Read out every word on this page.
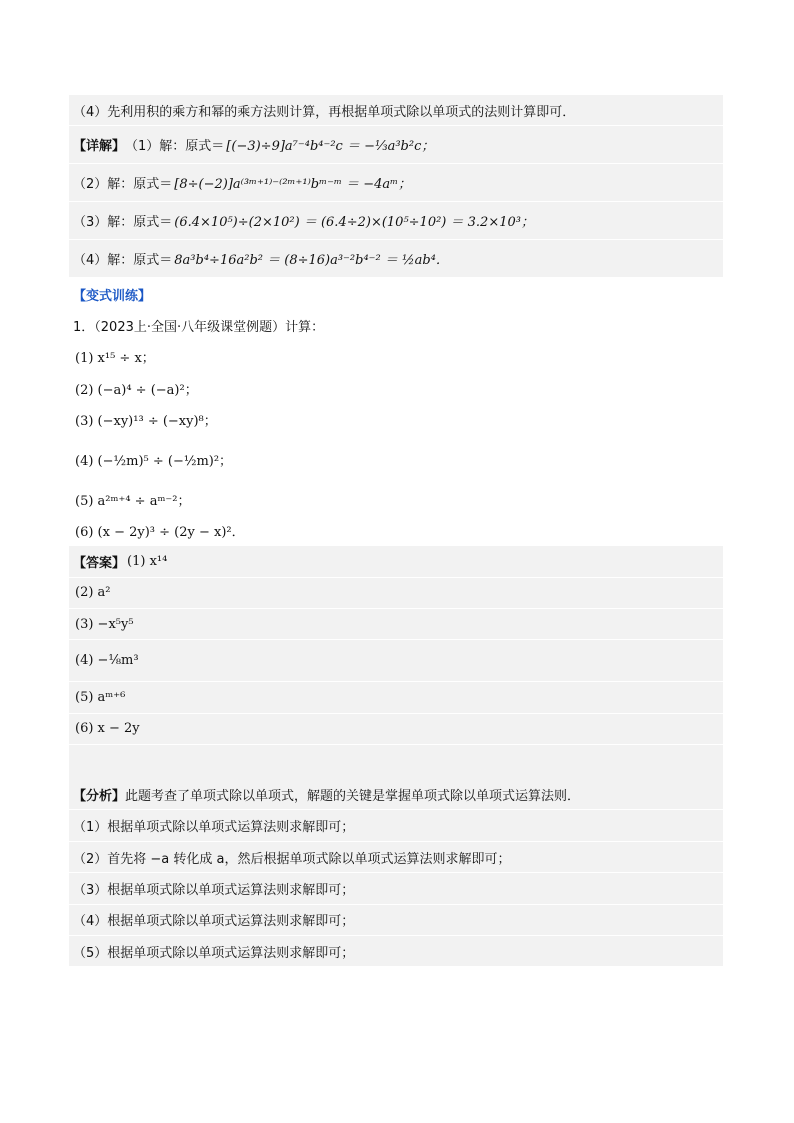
（4）先利用积的乘方和幂的乘方法则计算，再根据单项式除以单项式的法则计算即可．
【详解】 （1）解：原式＝ [(−3)÷9]a⁷⁻⁴b⁴⁻²c ＝ −⅓a³b²c；
（2）解：原式＝ [8÷(−2)]a⁽³ᵐ⁺¹⁾⁻⁽²ᵐ⁺¹⁾bᵐ⁻ᵐ ＝ −4aᵐ；
（3）解：原式＝ (6.4×10⁵)÷(2×10²) ＝ (6.4÷2)×(10⁵÷10²) ＝ 3.2×10³；
（4）解：原式＝ 8a³b⁴÷16a²b² ＝ (8÷16)a³⁻²b⁴⁻² ＝ ½ab⁴．
【变式训练】
1．（2023上·全国·八年级课堂例题）计算：
(1) x¹⁵ ÷ x；
(2) (−a)⁴ ÷ (−a)²；
(3) (−xy)¹³ ÷ (−xy)⁸；
(4) (−½m)⁵ ÷ (−½m)²；
(5) a²ᵐ⁺⁴ ÷ aᵐ⁻²；
(6) (x − 2y)³ ÷ (2y − x)²．
【答案】 (1) x¹⁴
(2) a²
(3) −x⁵y⁵
(4) −⅛m³
(5) aᵐ⁺⁶
(6) x − 2y
【分析】 此题考查了单项式除以单项式，解题的关键是掌握单项式除以单项式运算法则．
（1）根据单项式除以单项式运算法则求解即可；
（2）首先将 −a 转化成 a，然后根据单项式除以单项式运算法则求解即可；
（3）根据单项式除以单项式运算法则求解即可；
（4）根据单项式除以单项式运算法则求解即可；
（5）根据单项式除以单项式运算法则求解即可；
